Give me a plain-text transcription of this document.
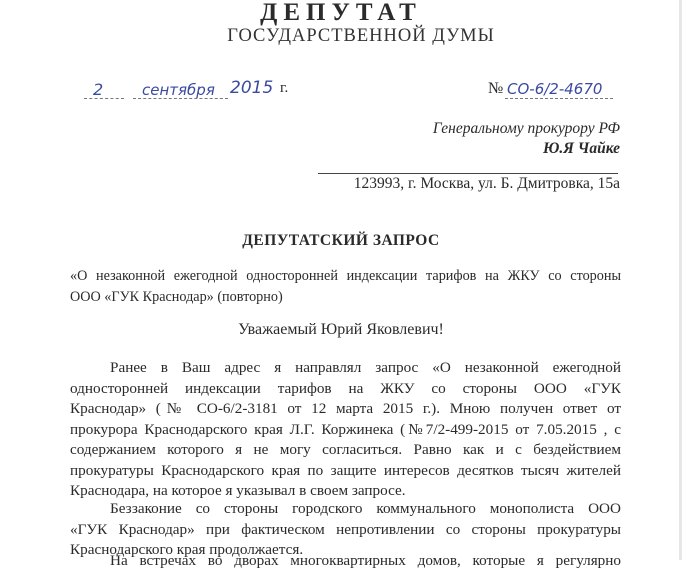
ДЕПУТАТ
ГОСУДАРСТВЕННОЙ ДУМЫ
2	сентября 2015 г.	№ СО-6/2-4670
Генеральному прокурору РФ
Ю.Я Чайке
123993, г. Москва, ул. Б. Дмитровка, 15а
ДЕПУТАТСКИЙ ЗАПРОС
«О незаконной ежегодной односторонней индексации тарифов на ЖКУ со стороны
ООО «ГУК Краснодар» (повторно)
Уважаемый Юрий Яковлевич!
Ранее в Ваш адрес я направлял запрос «О незаконной ежегодной
односторонней индексации тарифов на ЖКУ со стороны ООО «ГУК
Краснодар» (№ СО-6/2-3181 от 12 марта 2015 г.). Мною получен ответ от
прокурора Краснодарского края Л.Г. Коржинека (№7/2-499-2015 от 7.05.2015 , с
содержанием которого я не могу согласиться. Равно как и с бездействием
прокуратуры Краснодарского края по защите интересов десятков тысяч жителей
Краснодара, на которое я указывал в своем запросе.
Беззаконие со стороны городского коммунального монополиста ООО
«ГУК Краснодар» при фактическом непротивлении со стороны прокуратуры
Краснодарского края продолжается.
На встречах во дворах многоквартирных домов, которые я регулярно
